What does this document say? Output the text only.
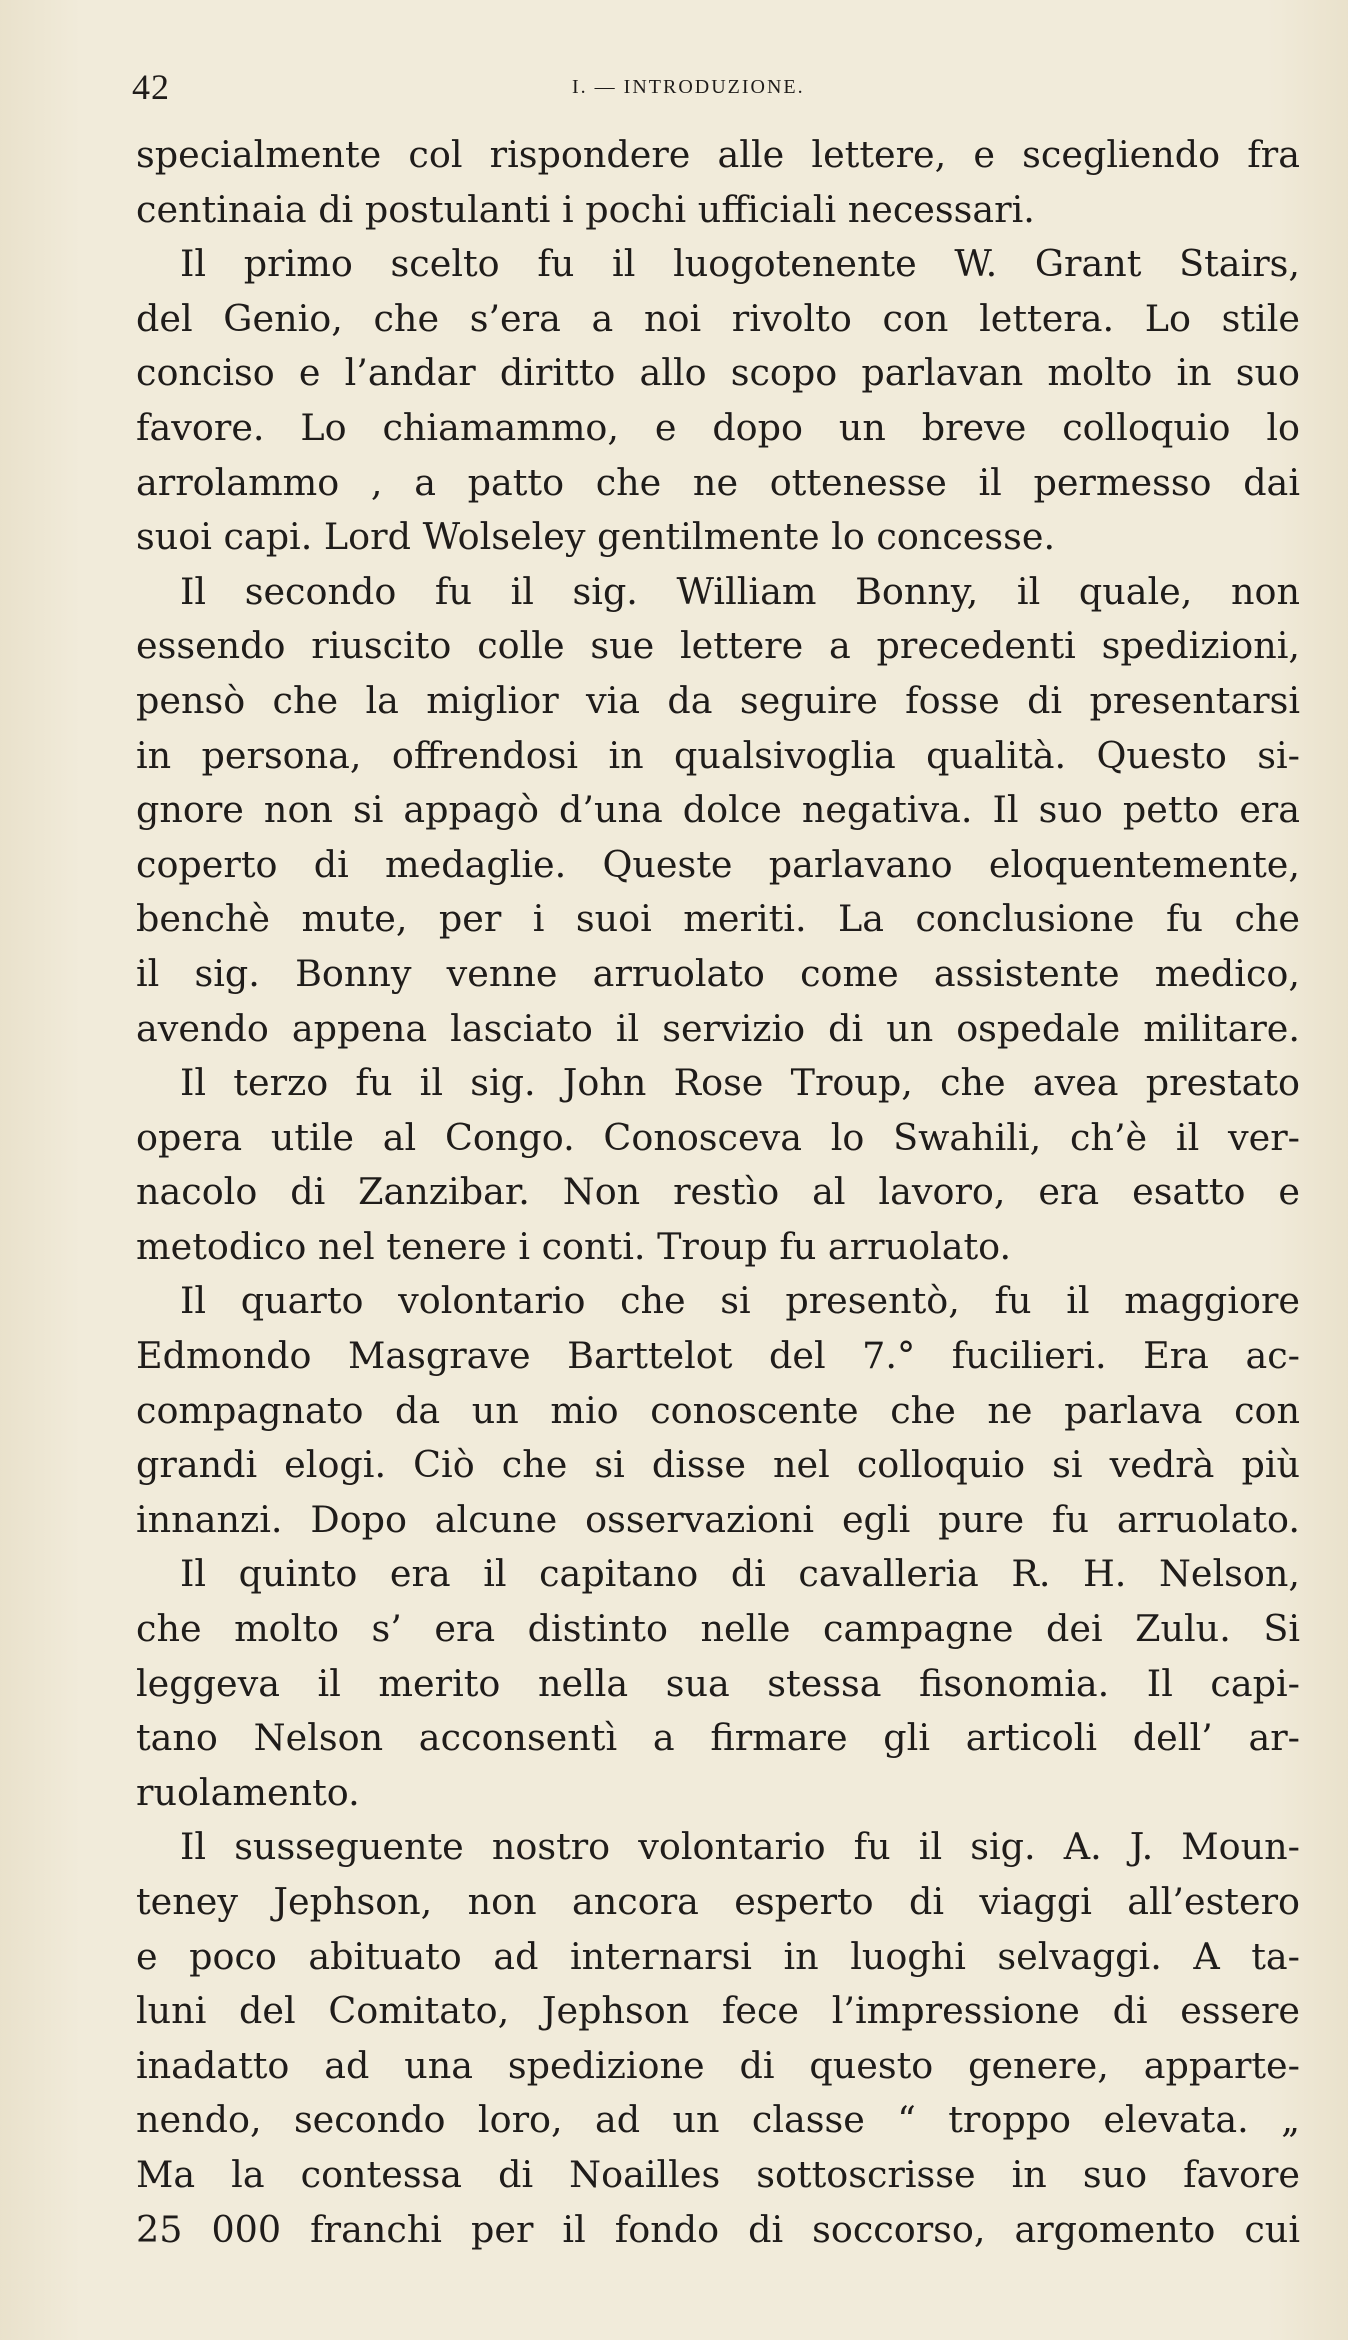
42	I. — INTRODUZIONE.
specialmente col rispondere alle lettere, e scegliendo fra
centinaia di postulanti i pochi ufficiali necessari.
Il primo scelto fu il luogotenente W. Grant Stairs,
del Genio, che s’era a noi rivolto con lettera. Lo stile
conciso e l’andar diritto allo scopo parlavan molto in suo
favore. Lo chiamammo, e dopo un breve colloquio lo
arrolammo , a patto che ne ottenesse il permesso dai
suoi capi. Lord Wolseley gentilmente lo concesse.
Il secondo fu il sig. William Bonny, il quale, non
essendo riuscito colle sue lettere a precedenti spedizioni,
pensò che la miglior via da seguire fosse di presentarsi
in persona, offrendosi in qualsivoglia qualità. Questo si-
gnore non si appagò d’una dolce negativa. Il suo petto era
coperto di medaglie. Queste parlavano eloquentemente,
benchè mute, per i suoi meriti. La conclusione fu che
il sig. Bonny venne arruolato come assistente medico,
avendo appena lasciato il servizio di un ospedale militare.
Il terzo fu il sig. John Rose Troup, che avea prestato
opera utile al Congo. Conosceva lo Swahili, ch’è il ver-
nacolo di Zanzibar. Non restìo al lavoro, era esatto e
metodico nel tenere i conti. Troup fu arruolato.
Il quarto volontario che si presentò, fu il maggiore
Edmondo Masgrave Barttelot del 7.° fucilieri. Era ac-
compagnato da un mio conoscente che ne parlava con
grandi elogi. Ciò che si disse nel colloquio si vedrà più
innanzi. Dopo alcune osservazioni egli pure fu arruolato.
Il quinto era il capitano di cavalleria R. H. Nelson,
che molto s’ era distinto nelle campagne dei Zulu. Si
leggeva il merito nella sua stessa fisonomia. Il capi-
tano Nelson acconsentì a firmare gli articoli dell’ ar-
ruolamento.
Il susseguente nostro volontario fu il sig. A. J. Moun-
teney Jephson, non ancora esperto di viaggi all’estero
e poco abituato ad internarsi in luoghi selvaggi. A ta-
luni del Comitato, Jephson fece l’impressione di essere
inadatto ad una spedizione di questo genere, apparte-
nendo, secondo loro, ad un classe “ troppo elevata. „
Ma la contessa di Noailles sottoscrisse in suo favore
25 000 franchi per il fondo di soccorso, argomento cui
